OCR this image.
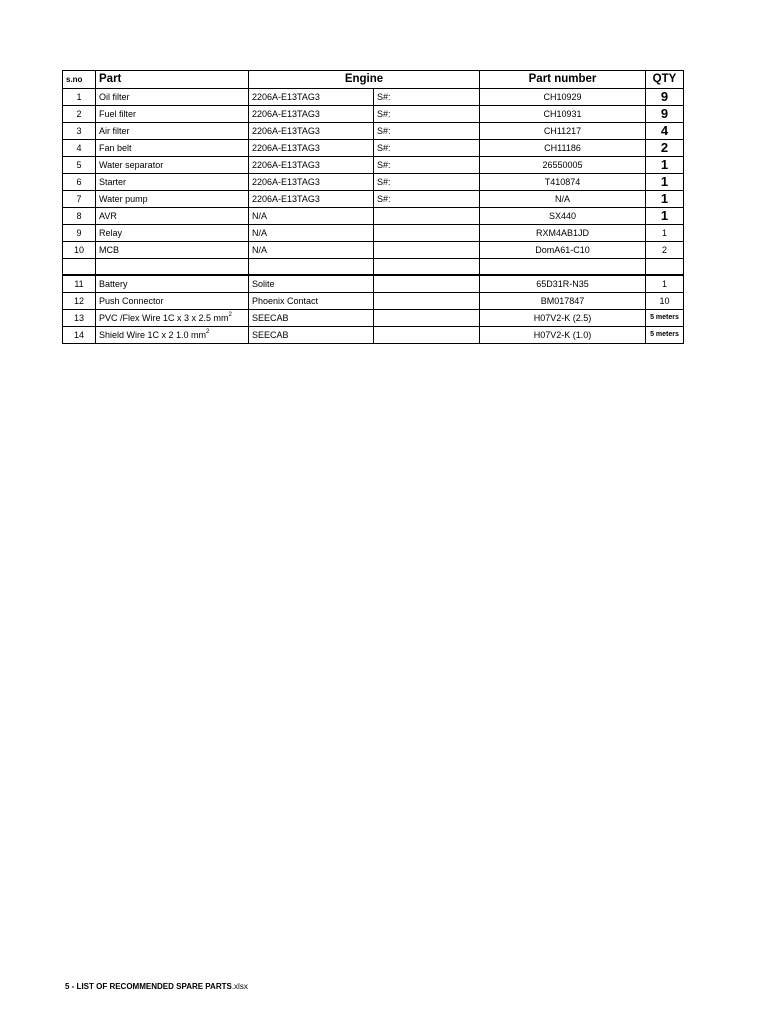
s.no	Part	Engine		Part number	QTY
1	Oil filter	2206A-E13TAG3	S#:	CH10929	9
2	Fuel filter	2206A-E13TAG3	S#:	CH10931	9
3	Air filter	2206A-E13TAG3	S#:	CH11217	4
4	Fan belt	2206A-E13TAG3	S#:	CH11186	2
5	Water separator	2206A-E13TAG3	S#:	26550005	1
6	Starter	2206A-E13TAG3	S#:	T410874	1
7	Water pump	2206A-E13TAG3	S#:	N/A	1
8	AVR	N/A		SX440	1
9	Relay	N/A		RXM4AB1JD	1
10	MCB	N/A		DomA61-C10	2

11	Battery	Solite		65D31R-N35	1
12	Push Connector	Phoenix Contact		BM017847	10
13	PVC /Flex Wire 1C x 3 x 2.5 $mm^2$	SEECAB		H07V2-K (2.5)	5 meters
14	Shield Wire 1C x 2 1.0 $mm^2$	SEECAB		H07V2-K (1.0)	5 meters
5 - LIST OF RECOMMENDED SPARE PARTS.xlsx
